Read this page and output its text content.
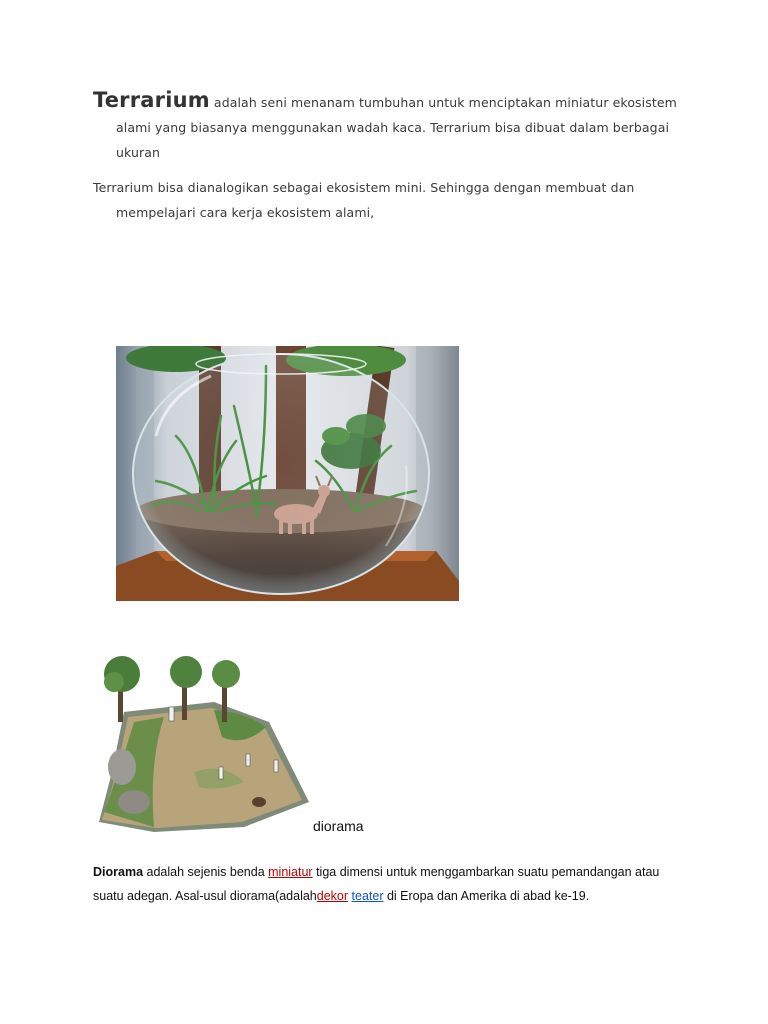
Terrarium adalah seni menanam tumbuhan untuk menciptakan miniatur ekosistem alami yang biasanya menggunakan wadah kaca. Terrarium bisa dibuat dalam berbagai ukuran
Terrarium bisa dianalogikan sebagai ekosistem mini. Sehingga dengan membuat dan mempelajari cara kerja ekosistem alami,
diorama
Diorama adalah sejenis benda miniatur tiga dimensi untuk menggambarkan suatu pemandangan atau suatu adegan. Asal-usul diorama(adalahdekor teater di Eropa dan Amerika di abad ke-19.
